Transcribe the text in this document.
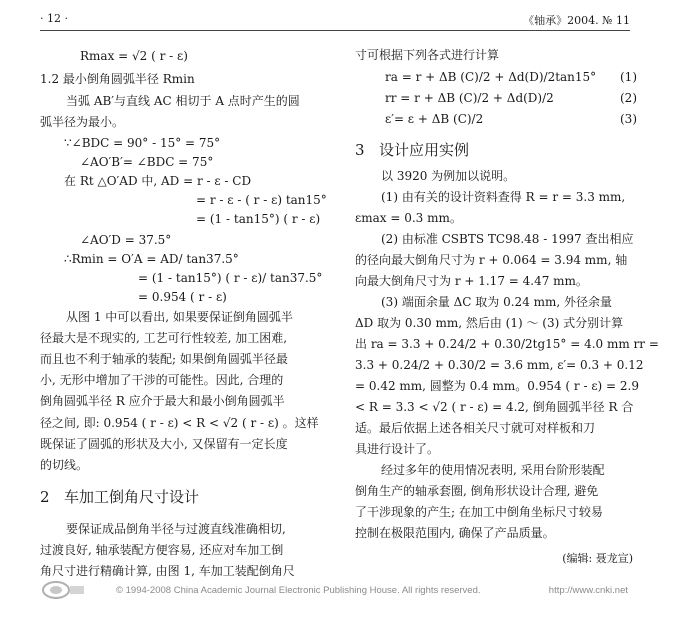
· 12 ·	《轴承》2004. № 11
Rmax = √2 ( r - ε)
1.2 最小倒角圆弧半径 Rmin
当弧 AB′与直线 AC 相切于 A 点时产生的圆
弧半径为最小。
∵∠BDC = 90° - 15° = 75°
∠AO′B′= ∠BDC = 75°
在 Rt △O′AD 中, AD = r - ε - CD
= r - ε - ( r - ε) tan15°
= (1 - tan15°) ( r - ε)
∠AO′D = 37.5°
∴Rmin = O′A = AD/ tan37.5°
= (1 - tan15°) ( r - ε)/ tan37.5°
= 0.954 ( r - ε)
从图 1 中可以看出, 如果要保证倒角圆弧半
径最大是不现实的, 工艺可行性较差, 加工困难,
而且也不利于轴承的装配; 如果倒角圆弧半径最
小, 无形中增加了干涉的可能性。因此, 合理的
倒角圆弧半径 R 应介于最大和最小倒角圆弧半
径之间, 即: 0.954 ( r - ε) < R < √2 ( r - ε) 。这样
既保证了圆弧的形状及大小, 又保留有一定长度
的切线。
2 车加工倒角尺寸设计
要保证成品倒角半径与过渡直线准确相切,
过渡良好, 轴承装配方便容易, 还应对车加工倒
角尺寸进行精确计算, 由图 1, 车加工装配倒角尺
寸可根据下列各式进行计算
ra = r + ΔB (C)/2 + Δd(D)/2tan15° (1)
rr = r + ΔB (C)/2 + Δd(D)/2	(2)
ε′= ε + ΔB (C)/2	(3)
3 设计应用实例
以 3920 为例加以说明。
(1) 由有关的设计资料查得 R = r = 3.3 mm,
εmax = 0.3 mm。
(2) 由标准 CSBTS TC98.48 - 1997 查出相应
的径向最大倒角尺寸为 r + 0.064 = 3.94 mm, 轴
向最大倒角尺寸为 r + 1.17 = 4.47 mm。
(3) 端面余量 ΔC 取为 0.24 mm, 外径余量
ΔD 取为 0.30 mm, 然后由 (1) ～ (3) 式分别计算
出 ra = 3.3 + 0.24/2 + 0.30/2tg15° = 4.0 mm rr =
3.3 + 0.24/2 + 0.30/2 = 3.6 mm, ε′= 0.3 + 0.12
= 0.42 mm, 圆整为 0.4 mm。0.954 ( r - ε) = 2.9
< R = 3.3 < √2 ( r - ε) = 4.2, 倒角圆弧半径 R 合
适。最后依据上述各相关尺寸就可对样板和刀
具进行设计了。
经过多年的使用情况表明, 采用台阶形装配
倒角生产的轴承套圈, 倒角形状设计合理, 避免
了干涉现象的产生; 在加工中倒角坐标尺寸较易
控制在极限范围内, 确保了产品质量。
(编辑: 聂龙宣)
© 1994-2008 China Academic Journal Electronic Publishing House. All rights reserved.	http://www.cnki.net
